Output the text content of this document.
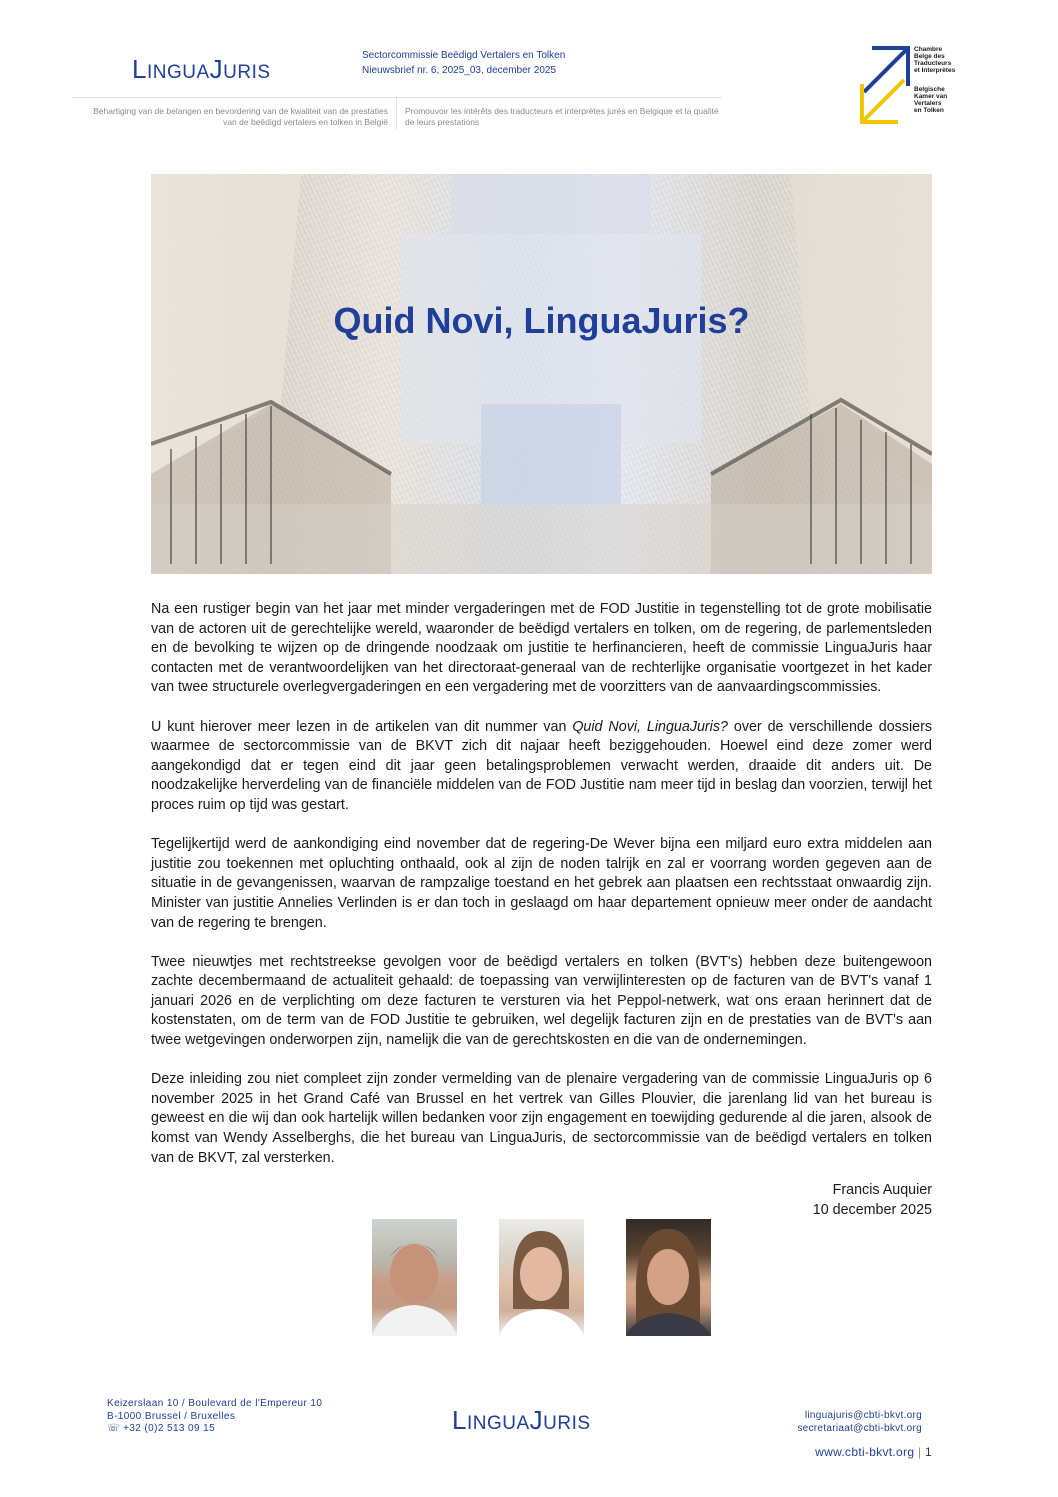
LINGUAJURIS
Sectorcommissie Beëdigd Vertalers en Tolken
Nieuwsbrief nr. 6, 2025_03, december 2025
Behartiging van de belangen en bevordering van de kwaliteit van de prestaties van de beëdigd vertalers en tolken in België
Promouvoir les intérêts des traducteurs et interprètes jurés en Belgique et la qualité de leurs prestations
Chambre
Belge des
Traducteurs
et Interprètes
Belgische
Kamer van
Vertalers
en Tolken
Quid Novi, LinguaJuris?

Na een rustiger begin van het jaar met minder vergaderingen met de FOD Justitie in tegenstelling tot de grote mobilisatie van de actoren uit de gerechtelijke wereld, waaronder de beëdigd vertalers en tolken, om de regering, de parlementsleden en de bevolking te wijzen op de dringende noodzaak om justitie te herfinancieren, heeft de commissie LinguaJuris haar contacten met de verantwoordelijken van het directoraat-generaal van de rechterlijke organisatie voortgezet in het kader van twee structurele overlegvergaderingen en een vergadering met de voorzitters van de aanvaardingscommissies.

U kunt hierover meer lezen in de artikelen van dit nummer van Quid Novi, LinguaJuris? over de verschillende dossiers waarmee de sectorcommissie van de BKVT zich dit najaar heeft beziggehouden. Hoewel eind deze zomer werd aangekondigd dat er tegen eind dit jaar geen betalingsproblemen verwacht werden, draaide dit anders uit. De noodzakelijke herverdeling van de financiële middelen van de FOD Justitie nam meer tijd in beslag dan voorzien, terwijl het proces ruim op tijd was gestart.

Tegelijkertijd werd de aankondiging eind november dat de regering-De Wever bijna een miljard euro extra middelen aan justitie zou toekennen met opluchting onthaald, ook al zijn de noden talrijk en zal er voorrang worden gegeven aan de situatie in de gevangenissen, waarvan de rampzalige toestand en het gebrek aan plaatsen een rechtsstaat onwaardig zijn. Minister van justitie Annelies Verlinden is er dan toch in geslaagd om haar departement opnieuw meer onder de aandacht van de regering te brengen.

Twee nieuwtjes met rechtstreekse gevolgen voor de beëdigd vertalers en tolken (BVT's) hebben deze buitengewoon zachte decembermaand de actualiteit gehaald: de toepassing van verwijlinteresten op de facturen van de BVT's vanaf 1 januari 2026 en de verplichting om deze facturen te versturen via het Peppol-netwerk, wat ons eraan herinnert dat de kostenstaten, om de term van de FOD Justitie te gebruiken, wel degelijk facturen zijn en de prestaties van de BVT's aan twee wetgevingen onderworpen zijn, namelijk die van de gerechtskosten en die van de ondernemingen.

Deze inleiding zou niet compleet zijn zonder vermelding van de plenaire vergadering van de commissie LinguaJuris op 6 november 2025 in het Grand Café van Brussel en het vertrek van Gilles Plouvier, die jarenlang lid van het bureau is geweest en die wij dan ook hartelijk willen bedanken voor zijn engagement en toewijding gedurende al die jaren, alsook de komst van Wendy Asselberghs, die het bureau van LinguaJuris, de sectorcommissie van de beëdigd vertalers en tolken van de BKVT, zal versterken.

Francis Auquier
10 december 2025
Keizerslaan 10 / Boulevard de l'Empereur 10
B-1000 Brussel / Bruxelles
☏ +32 (0)2 513 09 15	LINGUAJURIS	linguajuris@cbti-bkvt.org
secretariaat@cbti-bkvt.org
www.cbti-bkvt.org | 1
